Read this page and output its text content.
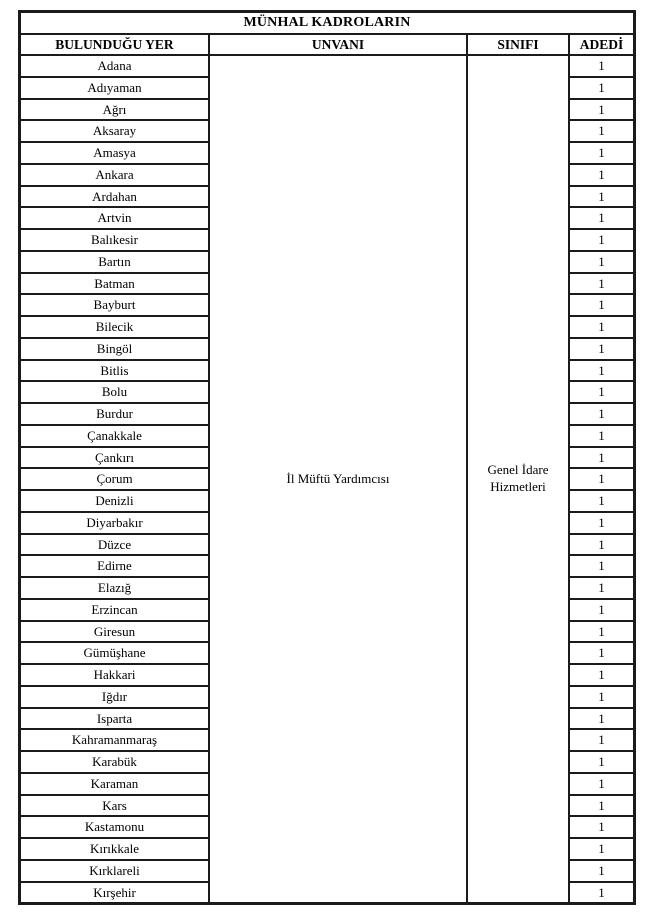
MÜNHAL KADROLARIN			
BULUNDUĞU YER	UNVANI	SINIFI	ADEDİ
Adana	İl Müftü Yardımcısı	Genel İdare Hizmetleri	1
Adıyaman			1
Ağrı			1
Aksaray			1
Amasya			1
Ankara			1
Ardahan			1
Artvin			1
Balıkesir			1
Bartın			1
Batman			1
Bayburt			1
Bilecik			1
Bingöl			1
Bitlis			1
Bolu			1
Burdur			1
Çanakkale			1
Çankırı			1
Çorum			1
Denizli			1
Diyarbakır			1
Düzce			1
Edirne			1
Elazığ			1
Erzincan			1
Giresun			1
Gümüşhane			1
Hakkari			1
Iğdır			1
Isparta			1
Kahramanmaraş			1
Karabük			1
Karaman			1
Kars			1
Kastamonu			1
Kırıkkale			1
Kırklareli			1
Kırşehir			1
